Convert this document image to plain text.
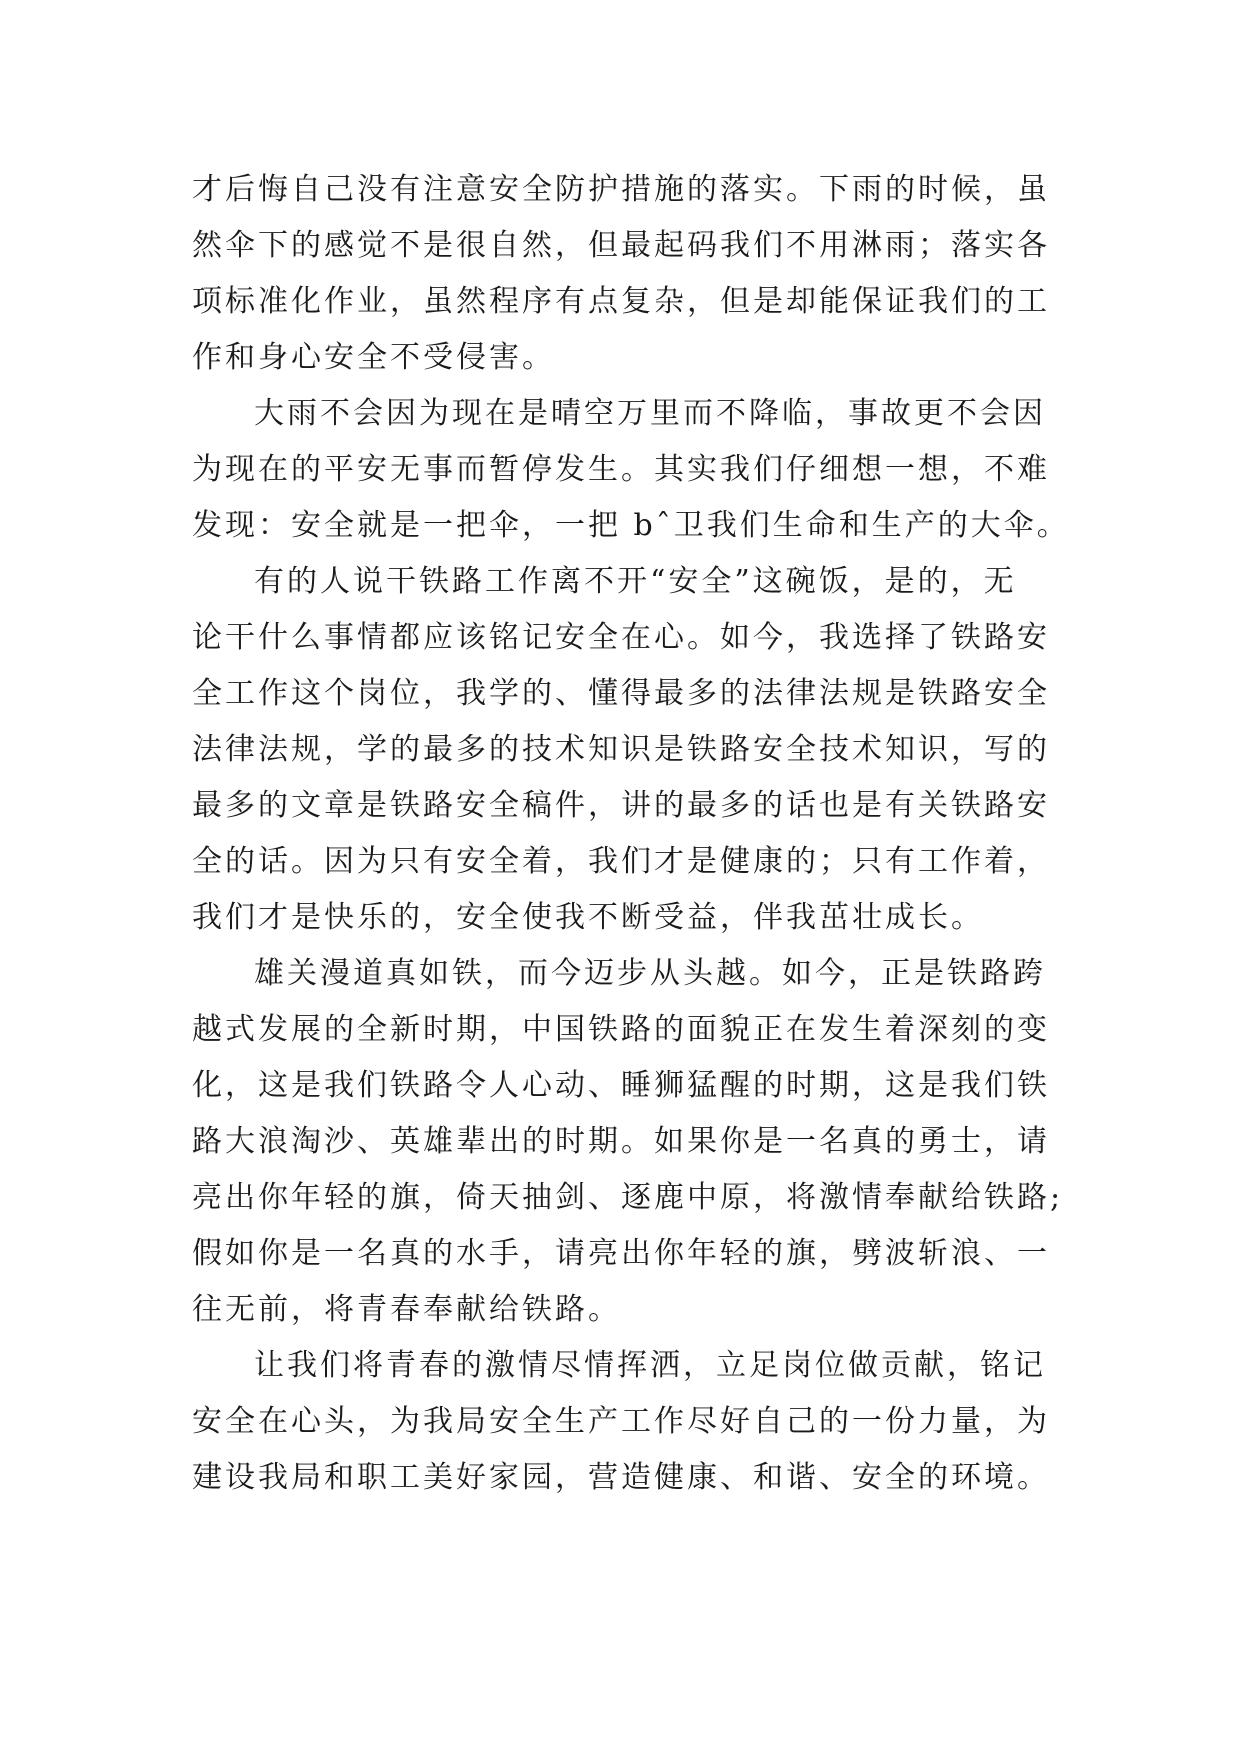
才后悔自己没有注意安全防护措施的落实。下雨的时候，虽
然伞下的感觉不是很自然，但最起码我们不用淋雨；落实各
项标准化作业，虽然程序有点复杂，但是却能保证我们的工
作和身心安全不受侵害。
大雨不会因为现在是晴空万里而不降临，事故更不会因
为现在的平安无事而暂停发生。其实我们仔细想一想，不难
发现：安全就是一把伞，一把 bˆ卫我们生命和生产的大伞。
有的人说干铁路工作离不开“安全”这碗饭，是的，无
论干什么事情都应该铭记安全在心。如今，我选择了铁路安
全工作这个岗位，我学的、懂得最多的法律法规是铁路安全
法律法规，学的最多的技术知识是铁路安全技术知识，写的
最多的文章是铁路安全稿件，讲的最多的话也是有关铁路安
全的话。因为只有安全着，我们才是健康的；只有工作着，
我们才是快乐的，安全使我不断受益，伴我茁壮成长。
雄关漫道真如铁，而今迈步从头越。如今，正是铁路跨
越式发展的全新时期，中国铁路的面貌正在发生着深刻的变
化，这是我们铁路令人心动、睡狮猛醒的时期，这是我们铁
路大浪淘沙、英雄辈出的时期。如果你是一名真的勇士，请
亮出你年轻的旗，倚天抽剑、逐鹿中原，将激情奉献给铁路;
假如你是一名真的水手，请亮出你年轻的旗，劈波斩浪、一
往无前，将青春奉献给铁路。
让我们将青春的激情尽情挥洒，立足岗位做贡献，铭记
安全在心头，为我局安全生产工作尽好自己的一份力量，为
建设我局和职工美好家园，营造健康、和谐、安全的环境。
